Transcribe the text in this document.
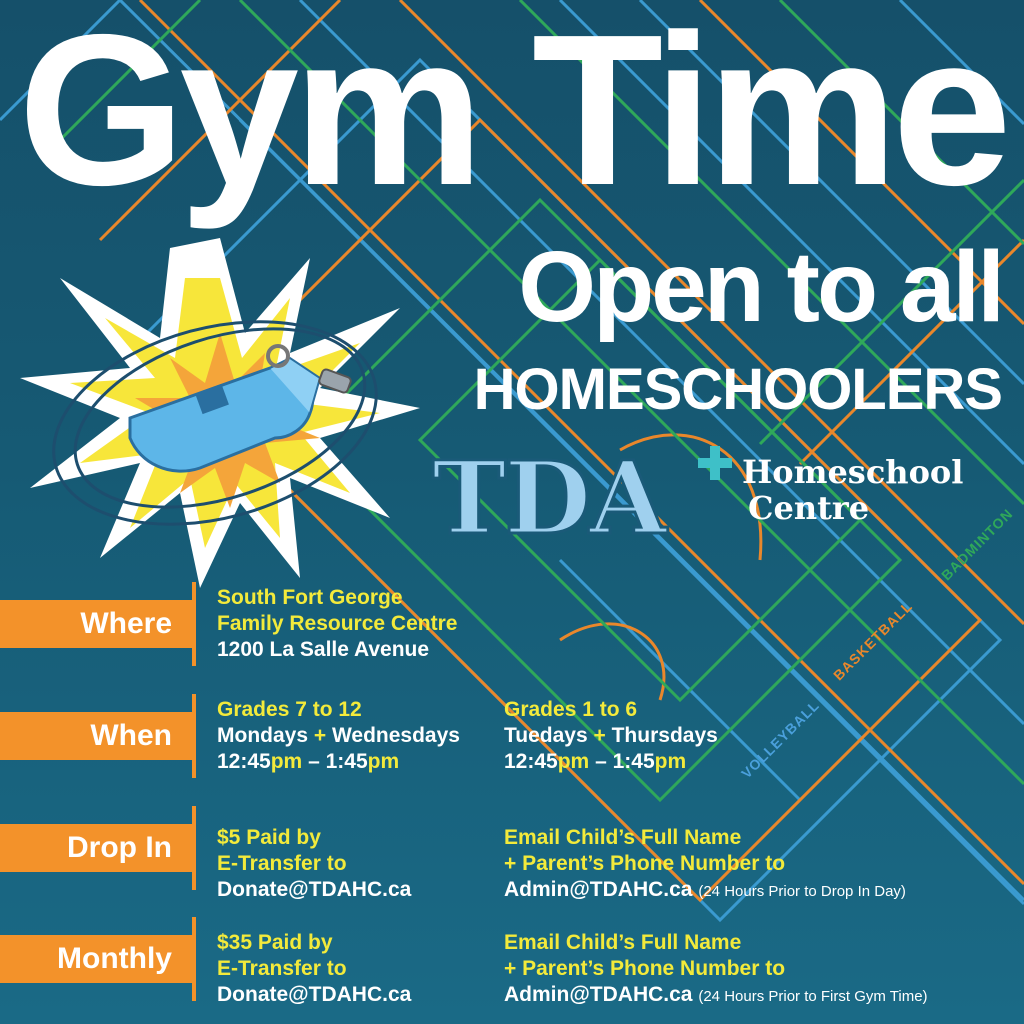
Gym Time
Open to all
HOMESCHOOLERS
TDA Homeschool
Centre
VOLLEYBALL
BASKETBALL
BADMINTON
Where
South Fort George
Family Resource Centre
1200 La Salle Avenue
When
Grades 7 to 12
Mondays + Wednesdays
12:45pm – 1:45pm
Grades 1 to 6
Tuedays + Thursdays
12:45pm – 1:45pm
Drop In $5 Paid by
E-Transfer to
Donate@TDAHC.ca
Email Child’s Full Name
+ Parent’s Phone Number to
Admin@TDAHC.ca (24 Hours Prior to Drop In Day)
Monthly $35 Paid by
E-Transfer to
Donate@TDAHC.ca
Email Child’s Full Name
+ Parent’s Phone Number to
Admin@TDAHC.ca (24 Hours Prior to First Gym Time)
